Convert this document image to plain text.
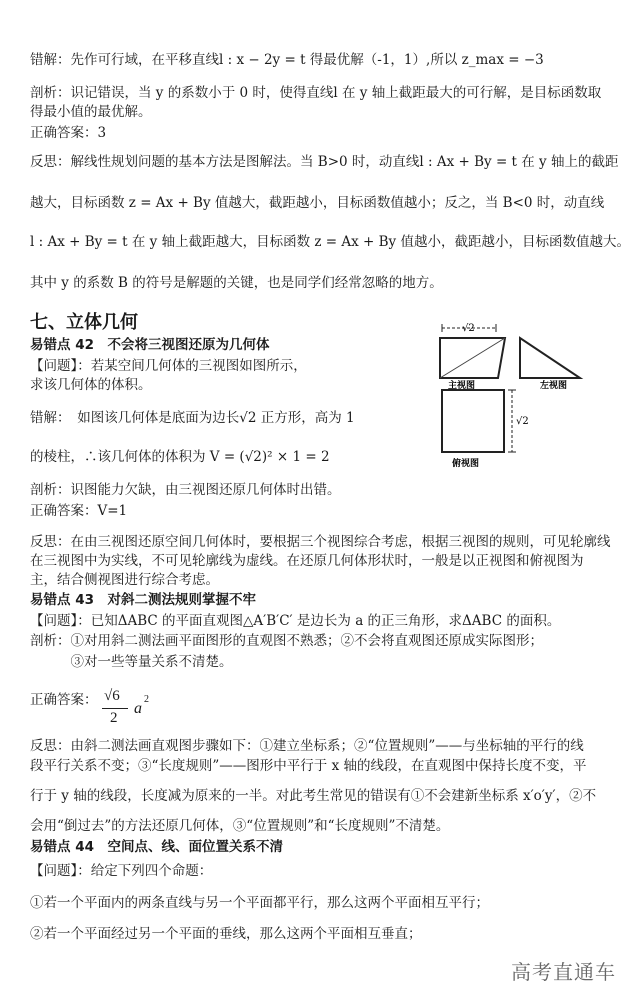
错解：先作可行域，在平移直线l : x − 2y = t 得最优解（-1，1）,所以 z_max = −3
剖析：识记错误，当 y 的系数小于 0 时，使得直线l 在 y 轴上截距最大的可行解，是目标函数取
得最小值的最优解。
正确答案：3
反思：解线性规划问题的基本方法是图解法。当 B>0 时，动直线l : Ax + By = t 在 y 轴上的截距
越大，目标函数 z = Ax + By 值越大，截距越小，目标函数值越小；反之，当 B<0 时，动直线
l : Ax + By = t 在 y 轴上截距越大，目标函数 z = Ax + By 值越小，截距越小，目标函数值越大。
其中 y 的系数 B 的符号是解题的关键，也是同学们经常忽略的地方。
七、立体几何
易错点 42　不会将三视图还原为几何体
【问题】：若某空间几何体的三视图如图所示，
求该几何体的体积。
错解：　如图该几何体是底面为边长√2 正方形，高为 1
的棱柱，∴该几何体的体积为 V = (√2)² × 1 = 2
剖析：识图能力欠缺，由三视图还原几何体时出错。
正确答案：V=1
反思：在由三视图还原空间几何体时，要根据三个视图综合考虑，根据三视图的规则，可见轮廓线
在三视图中为实线，不可见轮廓线为虚线。在还原几何体形状时，一般是以正视图和俯视图为
主，结合侧视图进行综合考虑。
易错点 43　对斜二测法规则掌握不牢
【问题】：已知ΔABC 的平面直观图△A′B′C′ 是边长为 a 的正三角形，求ΔABC 的面积。
剖析：①对用斜二测法画平面图形的直观图不熟悉；②不会将直观图还原成实际图形；
　　　③对一些等量关系不清楚。
正确答案：
反思：由斜二测法画直观图步骤如下：①建立坐标系；②“位置规则”——与坐标轴的平行的线
段平行关系不变；③“长度规则”——图形中平行于 x 轴的线段，在直观图中保持长度不变，平
行于 y 轴的线段，长度减为原来的一半。对此考生常见的错误有①不会建新坐标系 x′o′y′，②不
会用“倒过去”的方法还原几何体，③“位置规则”和“长度规则”不清楚。
易错点 44　空间点、线、面位置关系不清
【问题】：给定下列四个命题：
①若一个平面内的两条直线与另一个平面都平行，那么这两个平面相互平行；
②若一个平面经过另一个平面的垂线，那么这两个平面相互垂直；
√6
2
a
2
√2
√2
主视图	左视图
俯视图
高考直通车
